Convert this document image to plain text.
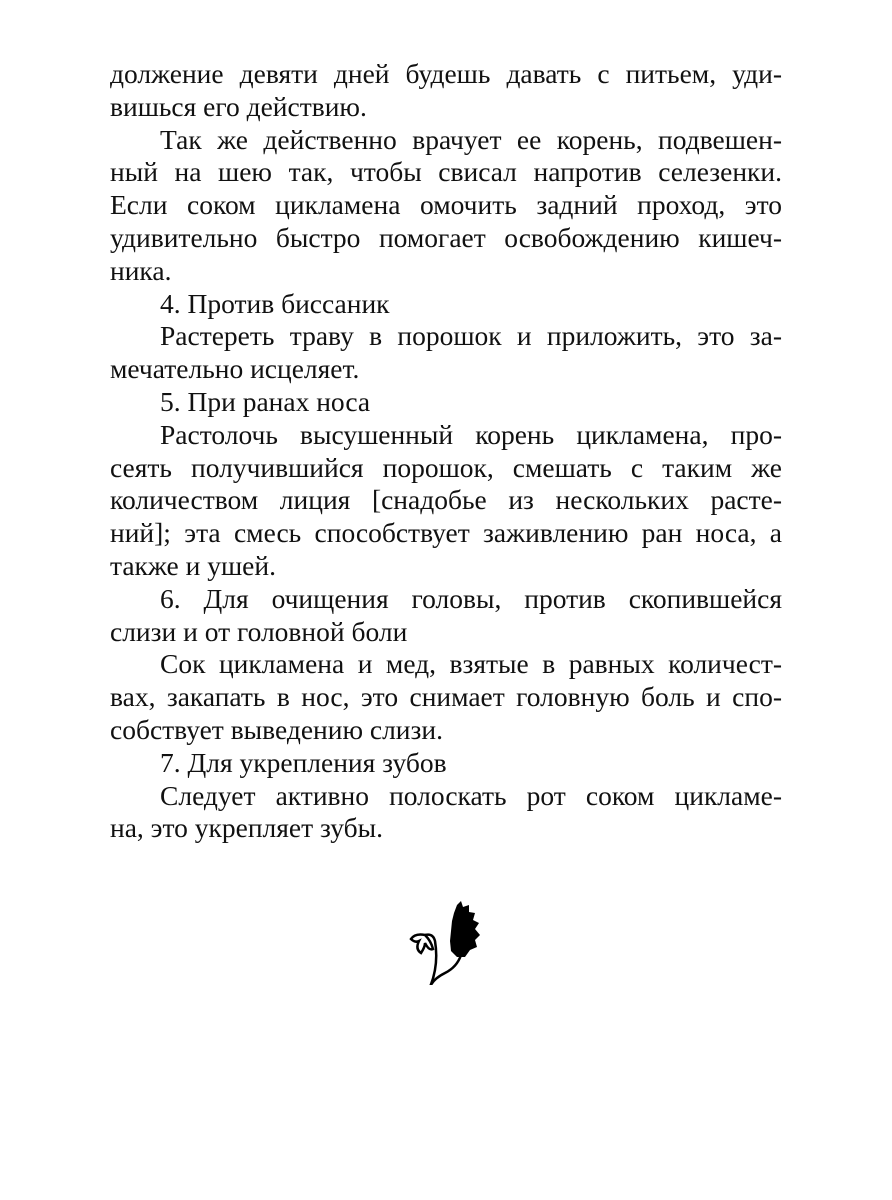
должение девяти дней будешь давать с питьем, уди-
вишься его действию.
Так же действенно врачует ее корень, подвешен-
ный на шею так, чтобы свисал напротив селезенки.
Если соком цикламена омочить задний проход, это
удивительно быстро помогает освобождению кишеч-
ника.
4. Против биссаник
Растереть траву в порошок и приложить, это за-
мечательно исцеляет.
5. При ранах носа
Растолочь высушенный корень цикламена, про-
сеять получившийся порошок, смешать с таким же
количеством лиция [снадобье из нескольких расте-
ний]; эта смесь способствует заживлению ран носа, а
также и ушей.
6. Для очищения головы, против скопившейся
слизи и от головной боли
Сок цикламена и мед, взятые в равных количест-
вах, закапать в нос, это снимает головную боль и спо-
собствует выведению слизи.
7. Для укрепления зубов
Следует активно полоскать рот соком цикламе-
на, это укрепляет зубы.
